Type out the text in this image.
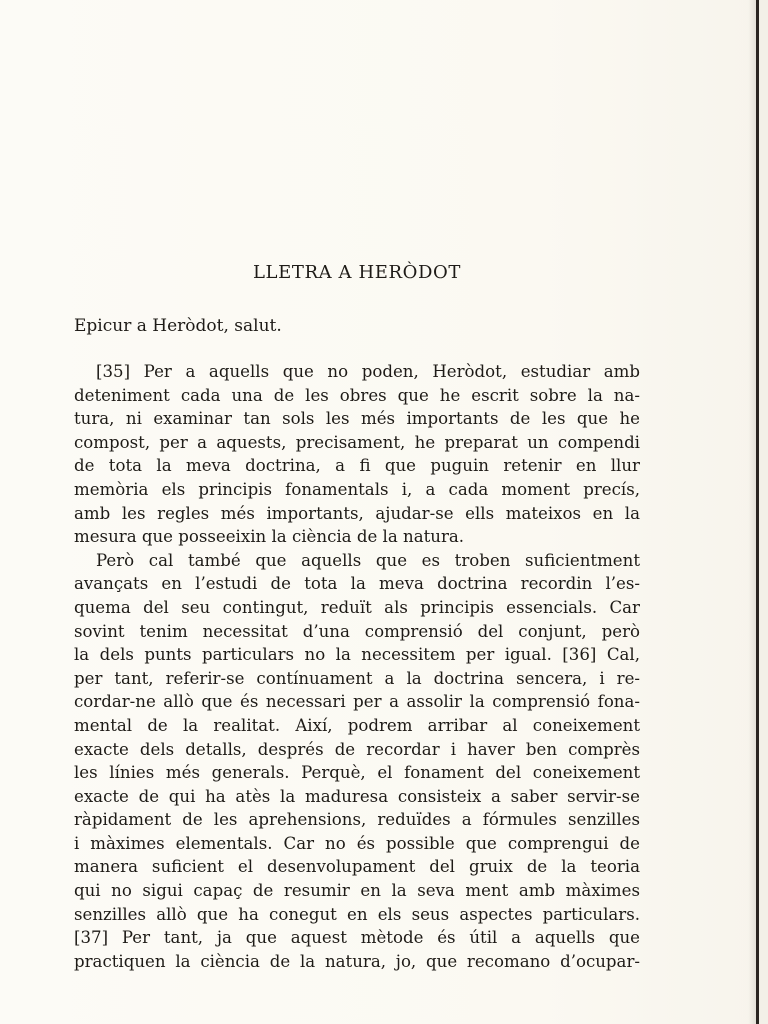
LLETRA A HERÒDOT

Epicur a Heròdot, salut.

[35] Per a aquells que no poden, Heròdot, estudiar amb
deteniment cada una de les obres que he escrit sobre la na-
tura, ni examinar tan sols les més importants de les que he
compost, per a aquests, precisament, he preparat un compendi
de tota la meva doctrina, a fi que puguin retenir en llur
memòria els principis fonamentals i, a cada moment precís,
amb les regles més importants, ajudar-se ells mateixos en la
mesura que posseeixin la ciència de la natura.
Però cal també que aquells que es troben suficientment
avançats en l’estudi de tota la meva doctrina recordin l’es-
quema del seu contingut, reduït als principis essencials. Car
sovint tenim necessitat d’una comprensió del conjunt, però
la dels punts particulars no la necessitem per igual. [36] Cal,
per tant, referir-se contínuament a la doctrina sencera, i re-
cordar-ne allò que és necessari per a assolir la comprensió fona-
mental de la realitat. Així, podrem arribar al coneixement
exacte dels detalls, després de recordar i haver ben comprès
les línies més generals. Perquè, el fonament del coneixement
exacte de qui ha atès la maduresa consisteix a saber servir-se
ràpidament de les aprehensions, reduïdes a fórmules senzilles
i màximes elementals. Car no és possible que comprengui de
manera suficient el desenvolupament del gruix de la teoria
qui no sigui capaç de resumir en la seva ment amb màximes
senzilles allò que ha conegut en els seus aspectes particulars.
[37] Per tant, ja que aquest mètode és útil a aquells que
practiquen la ciència de la natura, jo, que recomano d’ocupar-
